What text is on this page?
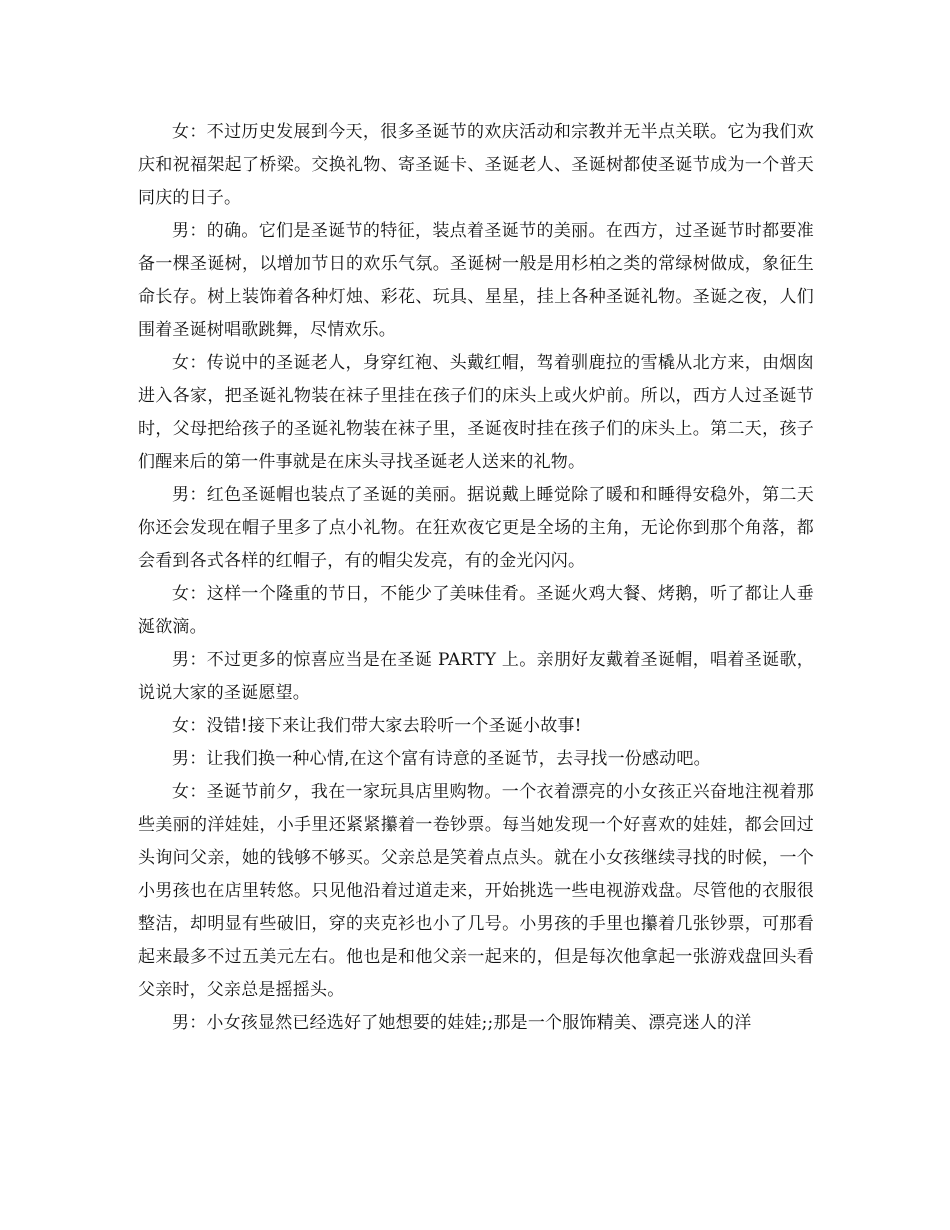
女：不过历史发展到今天，很多圣诞节的欢庆活动和宗教并无半点关联。它为我们欢庆和祝福架起了桥梁。交换礼物、寄圣诞卡、圣诞老人、圣诞树都使圣诞节成为一个普天同庆的日子。

男：的确。它们是圣诞节的特征，装点着圣诞节的美丽。在西方，过圣诞节时都要准备一棵圣诞树，以增加节日的欢乐气氛。圣诞树一般是用杉柏之类的常绿树做成，象征生命长存。树上装饰着各种灯烛、彩花、玩具、星星，挂上各种圣诞礼物。圣诞之夜，人们围着圣诞树唱歌跳舞，尽情欢乐。

女：传说中的圣诞老人，身穿红袍、头戴红帽，驾着驯鹿拉的雪橇从北方来，由烟囱进入各家，把圣诞礼物装在袜子里挂在孩子们的床头上或火炉前。所以，西方人过圣诞节时，父母把给孩子的圣诞礼物装在袜子里，圣诞夜时挂在孩子们的床头上。第二天，孩子们醒来后的第一件事就是在床头寻找圣诞老人送来的礼物。

男：红色圣诞帽也装点了圣诞的美丽。据说戴上睡觉除了暖和和睡得安稳外，第二天你还会发现在帽子里多了点小礼物。在狂欢夜它更是全场的主角，无论你到那个角落，都会看到各式各样的红帽子，有的帽尖发亮，有的金光闪闪。

女：这样一个隆重的节日，不能少了美味佳肴。圣诞火鸡大餐、烤鹅，听了都让人垂涎欲滴。

男：不过更多的惊喜应当是在圣诞 PARTY 上。亲朋好友戴着圣诞帽，唱着圣诞歌，说说大家的圣诞愿望。

女：没错!接下来让我们带大家去聆听一个圣诞小故事!

男：让我们换一种心情,在这个富有诗意的圣诞节，去寻找一份感动吧。

女：圣诞节前夕，我在一家玩具店里购物。一个衣着漂亮的小女孩正兴奋地注视着那些美丽的洋娃娃，小手里还紧紧攥着一卷钞票。每当她发现一个好喜欢的娃娃，都会回过头询问父亲，她的钱够不够买。父亲总是笑着点点头。就在小女孩继续寻找的时候，一个小男孩也在店里转悠。只见他沿着过道走来，开始挑选一些电视游戏盘。尽管他的衣服很整洁，却明显有些破旧，穿的夹克衫也小了几号。小男孩的手里也攥着几张钞票，可那看起来最多不过五美元左右。他也是和他父亲一起来的，但是每次他拿起一张游戏盘回头看父亲时，父亲总是摇摇头。

男：小女孩显然已经选好了她想要的娃娃;;那是一个服饰精美、漂亮迷人的洋
